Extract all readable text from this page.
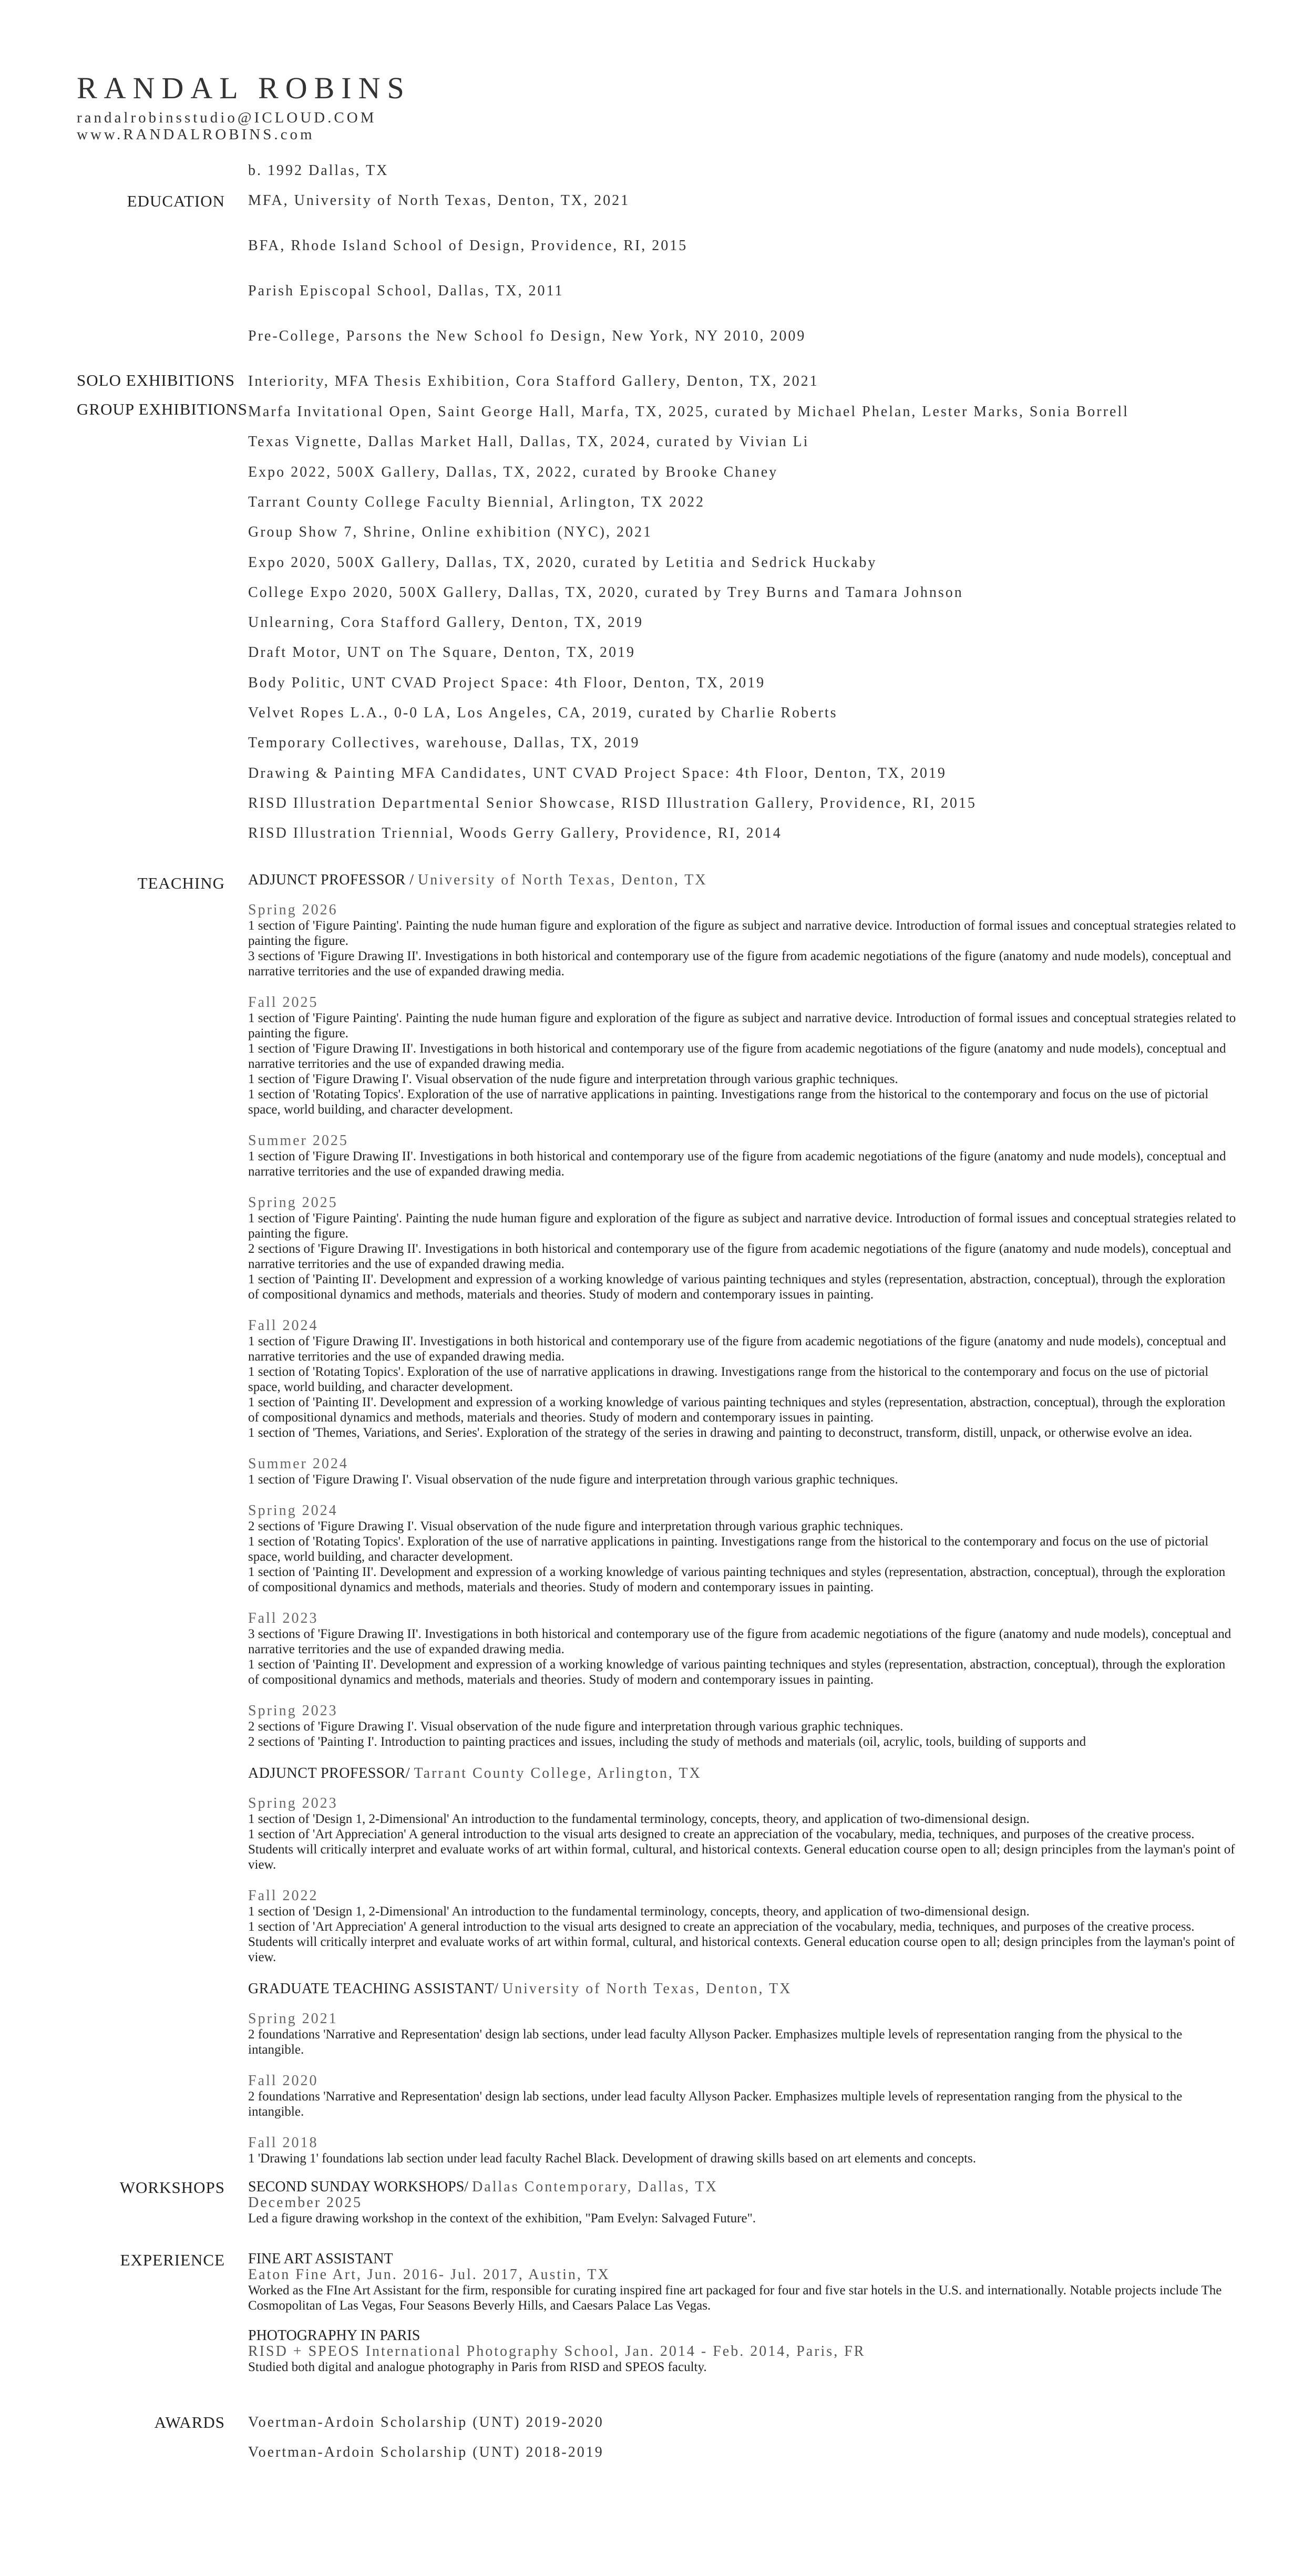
RANDAL ROBINS
randalrobinsstudio@ICLOUD.COM
www.RANDALROBINS.com
b. 1992 Dallas, TX
EDUCATION MFA, University of North Texas, Denton, TX, 2021
BFA, Rhode Island School of Design, Providence, RI, 2015
Parish Episcopal School, Dallas, TX, 2011
Pre-College, Parsons the New School fo Design, New York, NY 2010, 2009
SOLO EXHIBITIONS Interiority, MFA Thesis Exhibition, Cora Stafford Gallery, Denton, TX, 2021
GROUP EXHIBITIONS Marfa Invitational Open, Saint George Hall, Marfa, TX, 2025, curated by Michael Phelan, Lester Marks, Sonia Borrell
Texas Vignette, Dallas Market Hall, Dallas, TX, 2024, curated by Vivian Li
Expo 2022, 500X Gallery, Dallas, TX, 2022, curated by Brooke Chaney
Tarrant County College Faculty Biennial, Arlington, TX 2022
Group Show 7, Shrine, Online exhibition (NYC), 2021
Expo 2020, 500X Gallery, Dallas, TX, 2020, curated by Letitia and Sedrick Huckaby
College Expo 2020, 500X Gallery, Dallas, TX, 2020, curated by Trey Burns and Tamara Johnson
Unlearning, Cora Stafford Gallery, Denton, TX, 2019
Draft Motor, UNT on The Square, Denton, TX, 2019
Body Politic, UNT CVAD Project Space: 4th Floor, Denton, TX, 2019
Velvet Ropes L.A., 0-0 LA, Los Angeles, CA, 2019, curated by Charlie Roberts
Temporary Collectives, warehouse, Dallas, TX, 2019
Drawing & Painting MFA Candidates, UNT CVAD Project Space: 4th Floor, Denton, TX, 2019
RISD Illustration Departmental Senior Showcase, RISD Illustration Gallery, Providence, RI, 2015
RISD Illustration Triennial, Woods Gerry Gallery, Providence, RI, 2014
TEACHING ADJUNCT PROFESSOR / University of North Texas, Denton, TX
Spring 2026
1 section of 'Figure Painting'. Painting the nude human figure and exploration of the figure as subject and narrative device. Introduction of formal issues and conceptual strategies related to painting the figure.
3 sections of 'Figure Drawing II'. Investigations in both historical and contemporary use of the figure from academic negotiations of the figure (anatomy and nude models), conceptual and narrative territories and the use of expanded drawing media.
Fall 2025
1 section of 'Figure Painting'. Painting the nude human figure and exploration of the figure as subject and narrative device. Introduction of formal issues and conceptual strategies related to painting the figure.
1 section of 'Figure Drawing II'. Investigations in both historical and contemporary use of the figure from academic negotiations of the figure (anatomy and nude models), conceptual and narrative territories and the use of expanded drawing media.
1 section of 'Figure Drawing I'. Visual observation of the nude figure and interpretation through various graphic techniques.
1 section of 'Rotating Topics'. Exploration of the use of narrative applications in painting. Investigations range from the historical to the contemporary and focus on the use of pictorial space, world building, and character development.
Summer 2025
1 section of 'Figure Drawing II'. Investigations in both historical and contemporary use of the figure from academic negotiations of the figure (anatomy and nude models), conceptual and narrative territories and the use of expanded drawing media.
Spring 2025
1 section of 'Figure Painting'. Painting the nude human figure and exploration of the figure as subject and narrative device. Introduction of formal issues and conceptual strategies related to painting the figure.
2 sections of 'Figure Drawing II'. Investigations in both historical and contemporary use of the figure from academic negotiations of the figure (anatomy and nude models), conceptual and narrative territories and the use of expanded drawing media.
1 section of 'Painting II'. Development and expression of a working knowledge of various painting techniques and styles (representation, abstraction, conceptual), through the exploration of compositional dynamics and methods, materials and theories. Study of modern and contemporary issues in painting.
Fall 2024
1 section of 'Figure Drawing II'. Investigations in both historical and contemporary use of the figure from academic negotiations of the figure (anatomy and nude models), conceptual and narrative territories and the use of expanded drawing media.
1 section of 'Rotating Topics'. Exploration of the use of narrative applications in drawing. Investigations range from the historical to the contemporary and focus on the use of pictorial space, world building, and character development.
1 section of 'Painting II'. Development and expression of a working knowledge of various painting techniques and styles (representation, abstraction, conceptual), through the exploration of compositional dynamics and methods, materials and theories. Study of modern and contemporary issues in painting.
1 section of 'Themes, Variations, and Series'. Exploration of the strategy of the series in drawing and painting to deconstruct, transform, distill, unpack, or otherwise evolve an idea.
Summer 2024
1 section of 'Figure Drawing I'. Visual observation of the nude figure and interpretation through various graphic techniques.
Spring 2024
2 sections of 'Figure Drawing I'. Visual observation of the nude figure and interpretation through various graphic techniques.
1 section of 'Rotating Topics'. Exploration of the use of narrative applications in painting. Investigations range from the historical to the contemporary and focus on the use of pictorial space, world building, and character development.
1 section of 'Painting II'. Development and expression of a working knowledge of various painting techniques and styles (representation, abstraction, conceptual), through the exploration of compositional dynamics and methods, materials and theories. Study of modern and contemporary issues in painting.
Fall 2023
3 sections of 'Figure Drawing II'. Investigations in both historical and contemporary use of the figure from academic negotiations of the figure (anatomy and nude models), conceptual and narrative territories and the use of expanded drawing media.
1 section of 'Painting II'. Development and expression of a working knowledge of various painting techniques and styles (representation, abstraction, conceptual), through the exploration of compositional dynamics and methods, materials and theories. Study of modern and contemporary issues in painting.
Spring 2023
2 sections of 'Figure Drawing I'. Visual observation of the nude figure and interpretation through various graphic techniques.
2 sections of 'Painting I'. Introduction to painting practices and issues, including the study of methods and materials (oil, acrylic, tools, building of supports and
ADJUNCT PROFESSOR/ Tarrant County College, Arlington, TX
Spring 2023
1 section of 'Design 1, 2-Dimensional' An introduction to the fundamental terminology, concepts, theory, and application of two-dimensional design.
1 section of 'Art Appreciation' A general introduction to the visual arts designed to create an appreciation of the vocabulary, media, techniques, and purposes of the creative process. Students will critically interpret and evaluate works of art within formal, cultural, and historical contexts. General education course open to all; design principles from the layman's point of view.
Fall 2022
1 section of 'Design 1, 2-Dimensional' An introduction to the fundamental terminology, concepts, theory, and application of two-dimensional design.
1 section of 'Art Appreciation' A general introduction to the visual arts designed to create an appreciation of the vocabulary, media, techniques, and purposes of the creative process. Students will critically interpret and evaluate works of art within formal, cultural, and historical contexts. General education course open to all; design principles from the layman's point of view.
GRADUATE TEACHING ASSISTANT/ University of North Texas, Denton, TX
Spring 2021
2 foundations 'Narrative and Representation' design lab sections, under lead faculty Allyson Packer. Emphasizes multiple levels of representation ranging from the physical to the intangible.
Fall 2020
2 foundations 'Narrative and Representation' design lab sections, under lead faculty Allyson Packer. Emphasizes multiple levels of representation ranging from the physical to the intangible.
Fall 2018
1 'Drawing 1' foundations lab section under lead faculty Rachel Black. Development of drawing skills based on art elements and concepts.
WORKSHOPS SECOND SUNDAY WORKSHOPS/ Dallas Contemporary, Dallas, TX
December 2025
Led a figure drawing workshop in the context of the exhibition, "Pam Evelyn: Salvaged Future".
EXPERIENCE FINE ART ASSISTANT
Eaton Fine Art, Jun. 2016- Jul. 2017, Austin, TX
Worked as the FIne Art Assistant for the firm, responsible for curating inspired fine art packaged for four and five star hotels in the U.S. and internationally. Notable projects include The Cosmopolitan of Las Vegas, Four Seasons Beverly Hills, and Caesars Palace Las Vegas.
PHOTOGRAPHY IN PARIS
RISD + SPEOS International Photography School, Jan. 2014 - Feb. 2014, Paris, FR
Studied both digital and analogue photography in Paris from RISD and SPEOS faculty.
AWARDS Voertman-Ardoin Scholarship (UNT) 2019-2020
Voertman-Ardoin Scholarship (UNT) 2018-2019
